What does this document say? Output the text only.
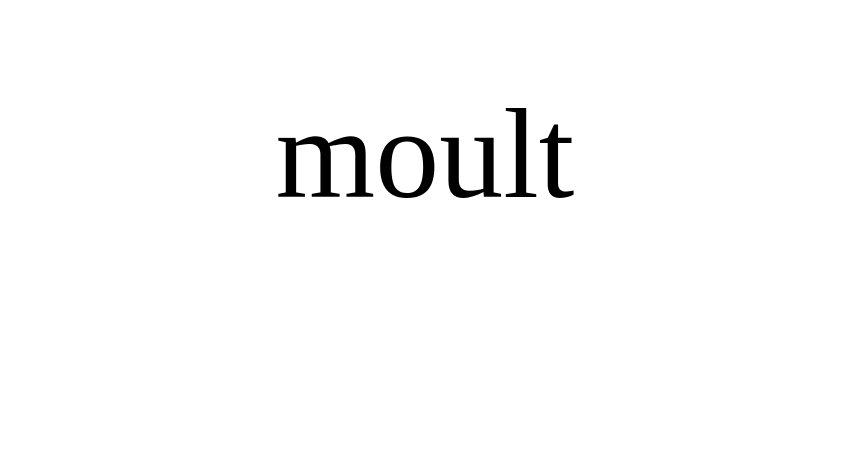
moult
